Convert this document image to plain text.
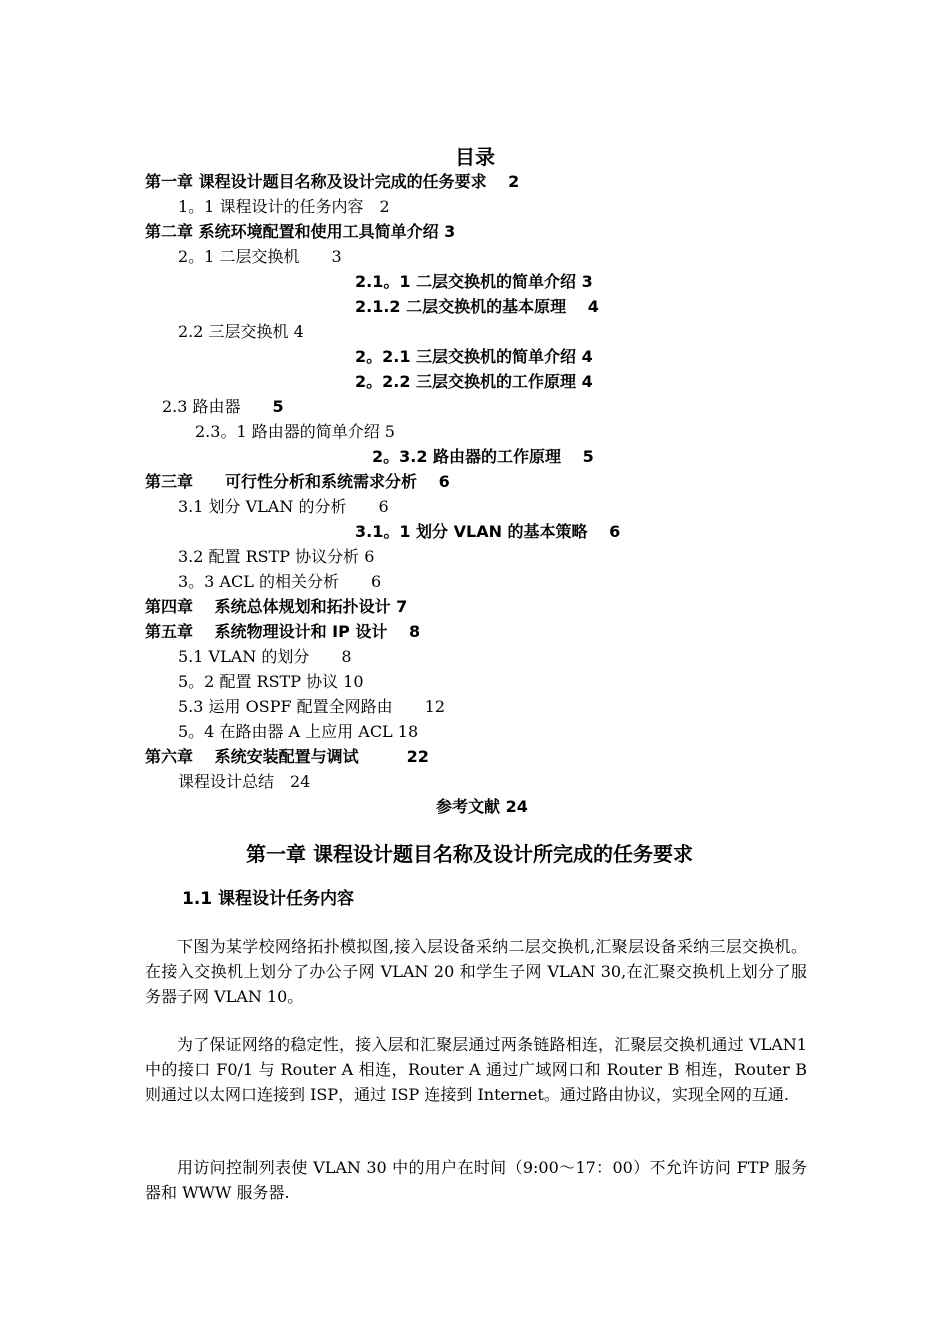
目录
第一章 课程设计题目名称及设计完成的任务要求　 2
1。1 课程设计的任务内容　2
第二章 系统环境配置和使用工具简单介绍 3
2。1 二层交换机　　3
2.1。1 二层交换机的简单介绍 3
2.1.2 二层交换机的基本原理　 4
2.2 三层交换机 4
2。2.1 三层交换机的简单介绍 4
2。2.2 三层交换机的工作原理 4
2.3 路由器　　5
2.3。1 路由器的简单介绍 5
2。3.2 路由器的工作原理　 5
第三章　　可行性分析和系统需求分析　 6
3.1 划分 VLAN 的分析　　6
3.1。1 划分 VLAN 的基本策略　 6
3.2 配置 RSTP 协议分析 6
3。3 ACL 的相关分析　　6
第四章　 系统总体规划和拓扑设计 7
第五章　 系统物理设计和 IP 设计　 8
5.1 VLAN 的划分　　8
5。2 配置 RSTP 协议 10
5.3 运用 OSPF 配置全网路由　　12
5。4 在路由器 A 上应用 ACL 18
第六章　 系统安装配置与调试　　　22
课程设计总结　24
参考文献 24
第一章 课程设计题目名称及设计所完成的任务要求
1.1 课程设计任务内容
下图为某学校网络拓扑模拟图,接入层设备采纳二层交换机,汇聚层设备采纳三层交换机。在接入交换机上划分了办公子网 VLAN 20 和学生子网 VLAN 30,在汇聚交换机上划分了服务器子网 VLAN 10。
为了保证网络的稳定性，接入层和汇聚层通过两条链路相连，汇聚层交换机通过 VLAN1 中的接口 F0/1 与 Router A 相连，Router A 通过广域网口和 Router B 相连，Router B 则通过以太网口连接到 ISP，通过 ISP 连接到 Internet。通过路由协议，实现全网的互通.
用访问控制列表使 VLAN 30 中的用户在时间（9:00～17：00）不允许访问 FTP 服务器和 WWW 服务器.
